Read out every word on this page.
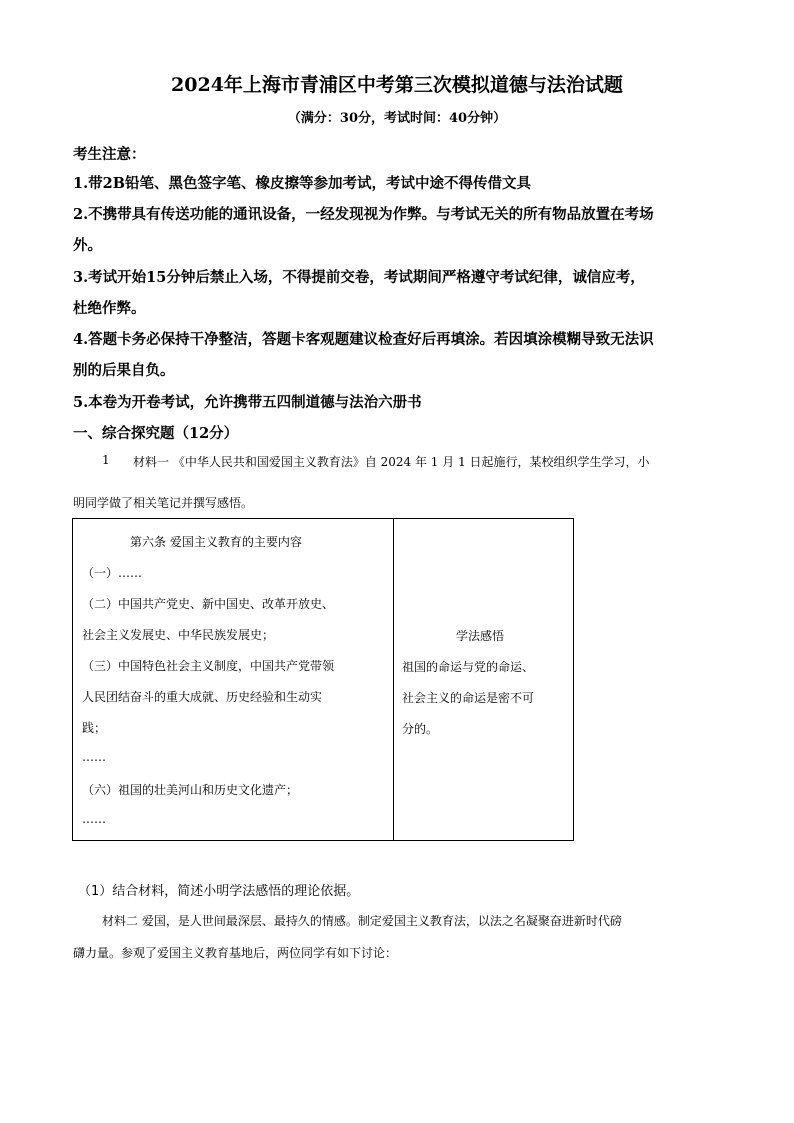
2024年上海市青浦区中考第三次模拟道德与法治试题
（满分：30分，考试时间：40分钟）
考生注意：
1.带2B铅笔、黑色签字笔、橡皮擦等参加考试，考试中途不得传借文具
2.不携带具有传送功能的通讯设备，一经发现视为作弊。与考试无关的所有物品放置在考场
外。
3.考试开始15分钟后禁止入场，不得提前交卷，考试期间严格遵守考试纪律，诚信应考，
杜绝作弊。
4.答题卡务必保持干净整洁，答题卡客观题建议检查好后再填涂。若因填涂模糊导致无法识
别的后果自负。
5.本卷为开卷考试，允许携带五四制道德与法治六册书
一、综合探究题（12分）
1 材料一 《中华人民共和国爱国主义教育法》自 2024 年 1 月 1 日起施行，某校组织学生学习，小
明同学做了相关笔记并撰写感悟。
第六条 爱国主义教育的主要内容
（一）……
（二）中国共产党史、新中国史、改革开放史、
社会主义发展史、中华民族发展史；
（三）中国特色社会主义制度，中国共产党带领
人民团结奋斗的重大成就、历史经验和生动实
践；
……
（六）祖国的壮美河山和历史文化遗产；
……
学法感悟
祖国的命运与党的命运、
社会主义的命运是密不可
分的。
（1）结合材料，简述小明学法感悟的理论依据。
材料二 爱国，是人世间最深层、最持久的情感。制定爱国主义教育法，以法之名凝聚奋进新时代磅
礴力量。参观了爱国主义教育基地后，两位同学有如下讨论：
